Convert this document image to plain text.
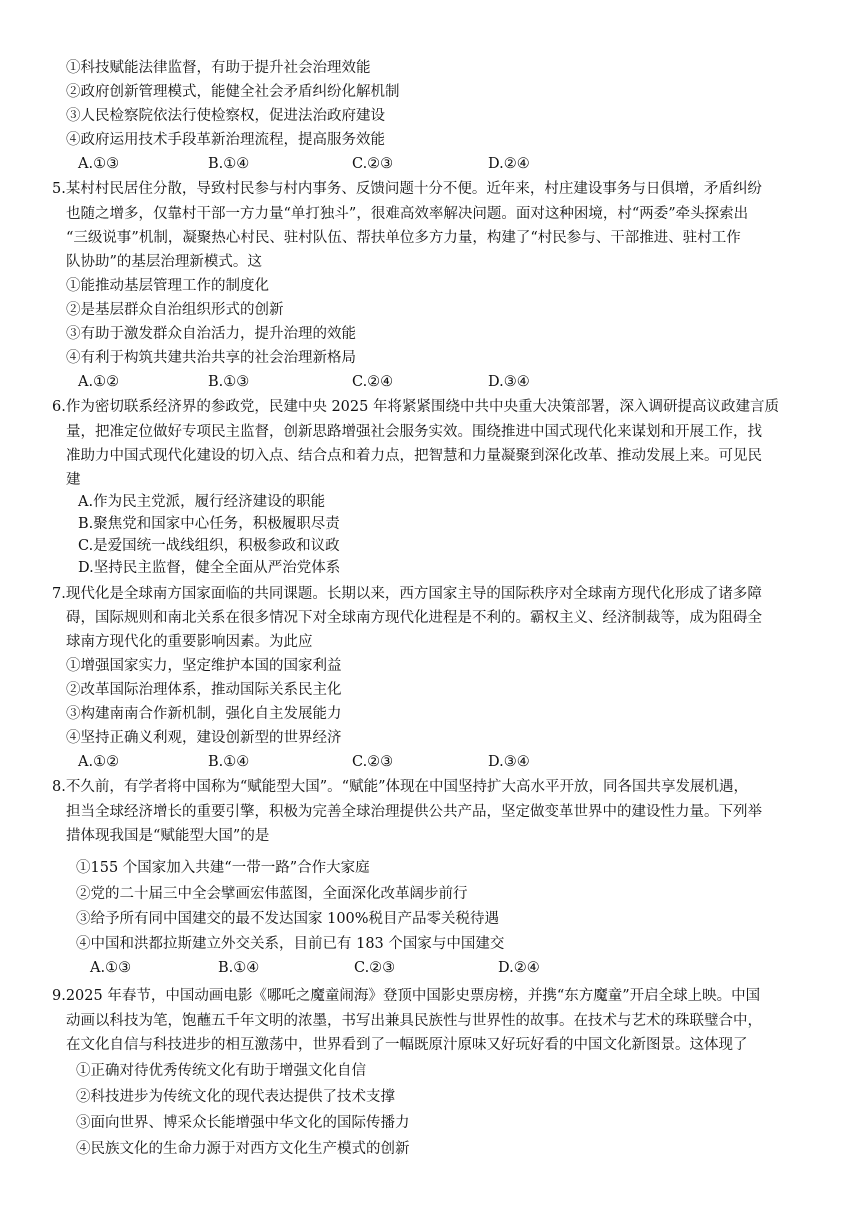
①科技赋能法律监督，有助于提升社会治理效能
②政府创新管理模式，能健全社会矛盾纠纷化解机制
③人民检察院依法行使检察权，促进法治政府建设
④政府运用技术手段革新治理流程，提高服务效能
A.①③	B.①④	C.②③	D.②④
5.某村村民居住分散，导致村民参与村内事务、反馈问题十分不便。近年来，村庄建设事务与日俱增，矛盾纠纷
也随之增多，仅靠村干部一方力量“单打独斗”，很难高效率解决问题。面对这种困境，村“两委”牵头探索出
“三级说事”机制，凝聚热心村民、驻村队伍、帮扶单位多方力量，构建了“村民参与、干部推进、驻村工作
队协助”的基层治理新模式。这
①能推动基层管理工作的制度化
②是基层群众自治组织形式的创新
③有助于激发群众自治活力，提升治理的效能
④有利于构筑共建共治共享的社会治理新格局
A.①②	B.①③	C.②④	D.③④
6.作为密切联系经济界的参政党，民建中央 2025 年将紧紧围绕中共中央重大决策部署，深入调研提高议政建言质
量，把准定位做好专项民主监督，创新思路增强社会服务实效。围绕推进中国式现代化来谋划和开展工作，找
准助力中国式现代化建设的切入点、结合点和着力点，把智慧和力量凝聚到深化改革、推动发展上来。可见民
建
A.作为民主党派，履行经济建设的职能
B.聚焦党和国家中心任务，积极履职尽责
C.是爱国统一战线组织，积极参政和议政
D.坚持民主监督，健全全面从严治党体系
7.现代化是全球南方国家面临的共同课题。长期以来，西方国家主导的国际秩序对全球南方现代化形成了诸多障
碍，国际规则和南北关系在很多情况下对全球南方现代化进程是不利的。霸权主义、经济制裁等，成为阻碍全
球南方现代化的重要影响因素。为此应
①增强国家实力，坚定维护本国的国家利益
②改革国际治理体系，推动国际关系民主化
③构建南南合作新机制，强化自主发展能力
④坚持正确义利观，建设创新型的世界经济
A.①②	B.①④	C.②③	D.③④
8.不久前，有学者将中国称为“赋能型大国”。“赋能”体现在中国坚持扩大高水平开放，同各国共享发展机遇，
担当全球经济增长的重要引擎，积极为完善全球治理提供公共产品，坚定做变革世界中的建设性力量。下列举
措体现我国是“赋能型大国”的是
①155 个国家加入共建“一带一路”合作大家庭
②党的二十届三中全会擘画宏伟蓝图，全面深化改革阔步前行
③给予所有同中国建交的最不发达国家 100%税目产品零关税待遇
④中国和洪都拉斯建立外交关系，目前已有 183 个国家与中国建交
A.①③	B.①④	C.②③	D.②④
9.2025 年春节，中国动画电影《哪吒之魔童闹海》登顶中国影史票房榜，并携“东方魔童”开启全球上映。中国
动画以科技为笔，饱蘸五千年文明的浓墨，书写出兼具民族性与世界性的故事。在技术与艺术的珠联璧合中，
在文化自信与科技进步的相互激荡中，世界看到了一幅既原汁原味又好玩好看的中国文化新图景。这体现了
①正确对待优秀传统文化有助于增强文化自信
②科技进步为传统文化的现代表达提供了技术支撑
③面向世界、博采众长能增强中华文化的国际传播力
④民族文化的生命力源于对西方文化生产模式的创新
